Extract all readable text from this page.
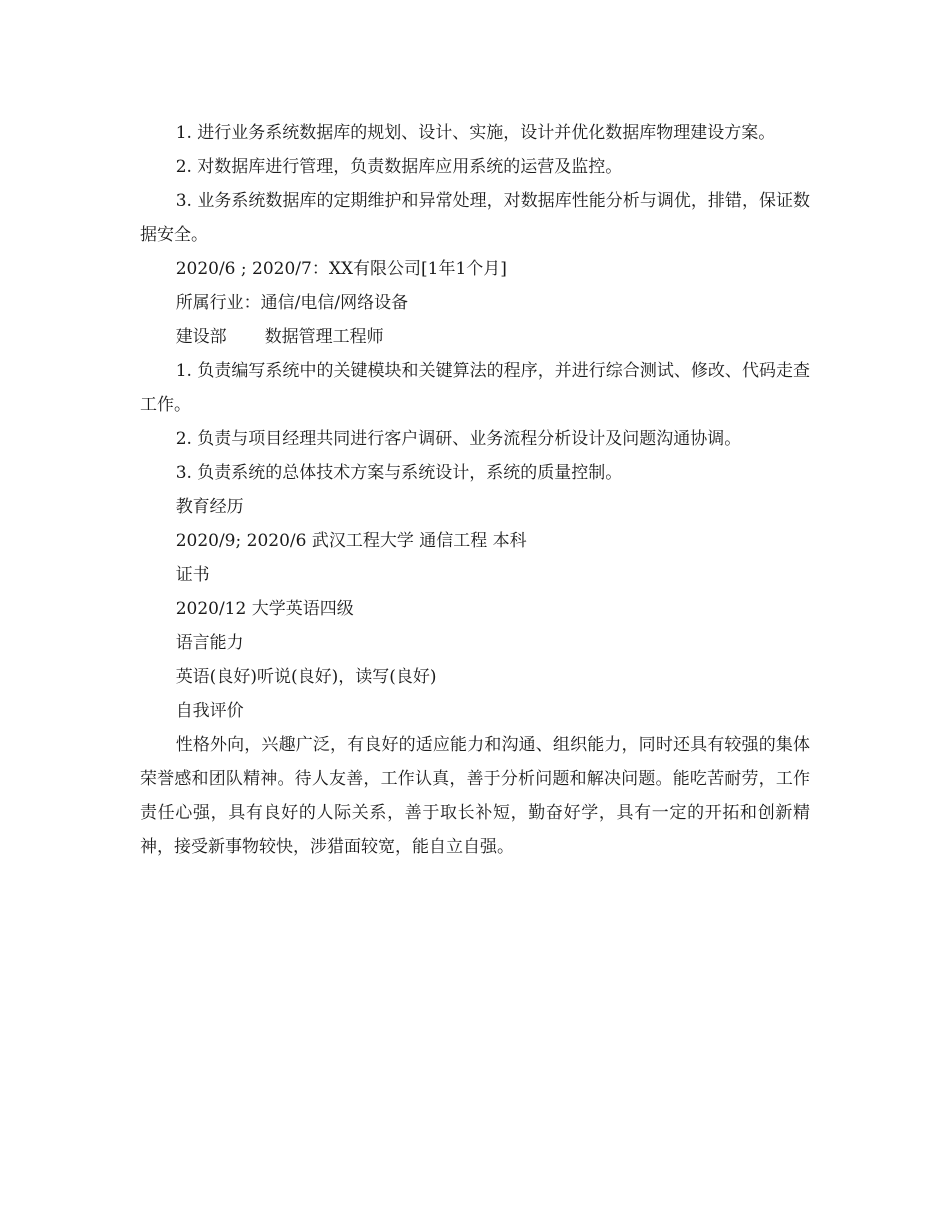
1. 进行业务系统数据库的规划、设计、实施，设计并优化数据库物理建设方案。

2. 对数据库进行管理，负责数据库应用系统的运营及监控。

3. 业务系统数据库的定期维护和异常处理，对数据库性能分析与调优，排错，保证数据安全。

2020/6 ; 2020/7：XX有限公司[1年1个月]

所属行业：通信/电信/网络设备

建设部 数据管理工程师

1. 负责编写系统中的关键模块和关键算法的程序，并进行综合测试、修改、代码走查工作。

2. 负责与项目经理共同进行客户调研、业务流程分析设计及问题沟通协调。

3. 负责系统的总体技术方案与系统设计，系统的质量控制。

教育经历

2020/9; 2020/6 武汉工程大学 通信工程 本科

证书

2020/12 大学英语四级

语言能力

英语(良好)听说(良好)，读写(良好)

自我评价

性格外向，兴趣广泛，有良好的适应能力和沟通、组织能力，同时还具有较强的集体荣誉感和团队精神。待人友善，工作认真，善于分析问题和解决问题。能吃苦耐劳，工作责任心强，具有良好的人际关系，善于取长补短，勤奋好学，具有一定的开拓和创新精神，接受新事物较快，涉猎面较宽，能自立自强。
